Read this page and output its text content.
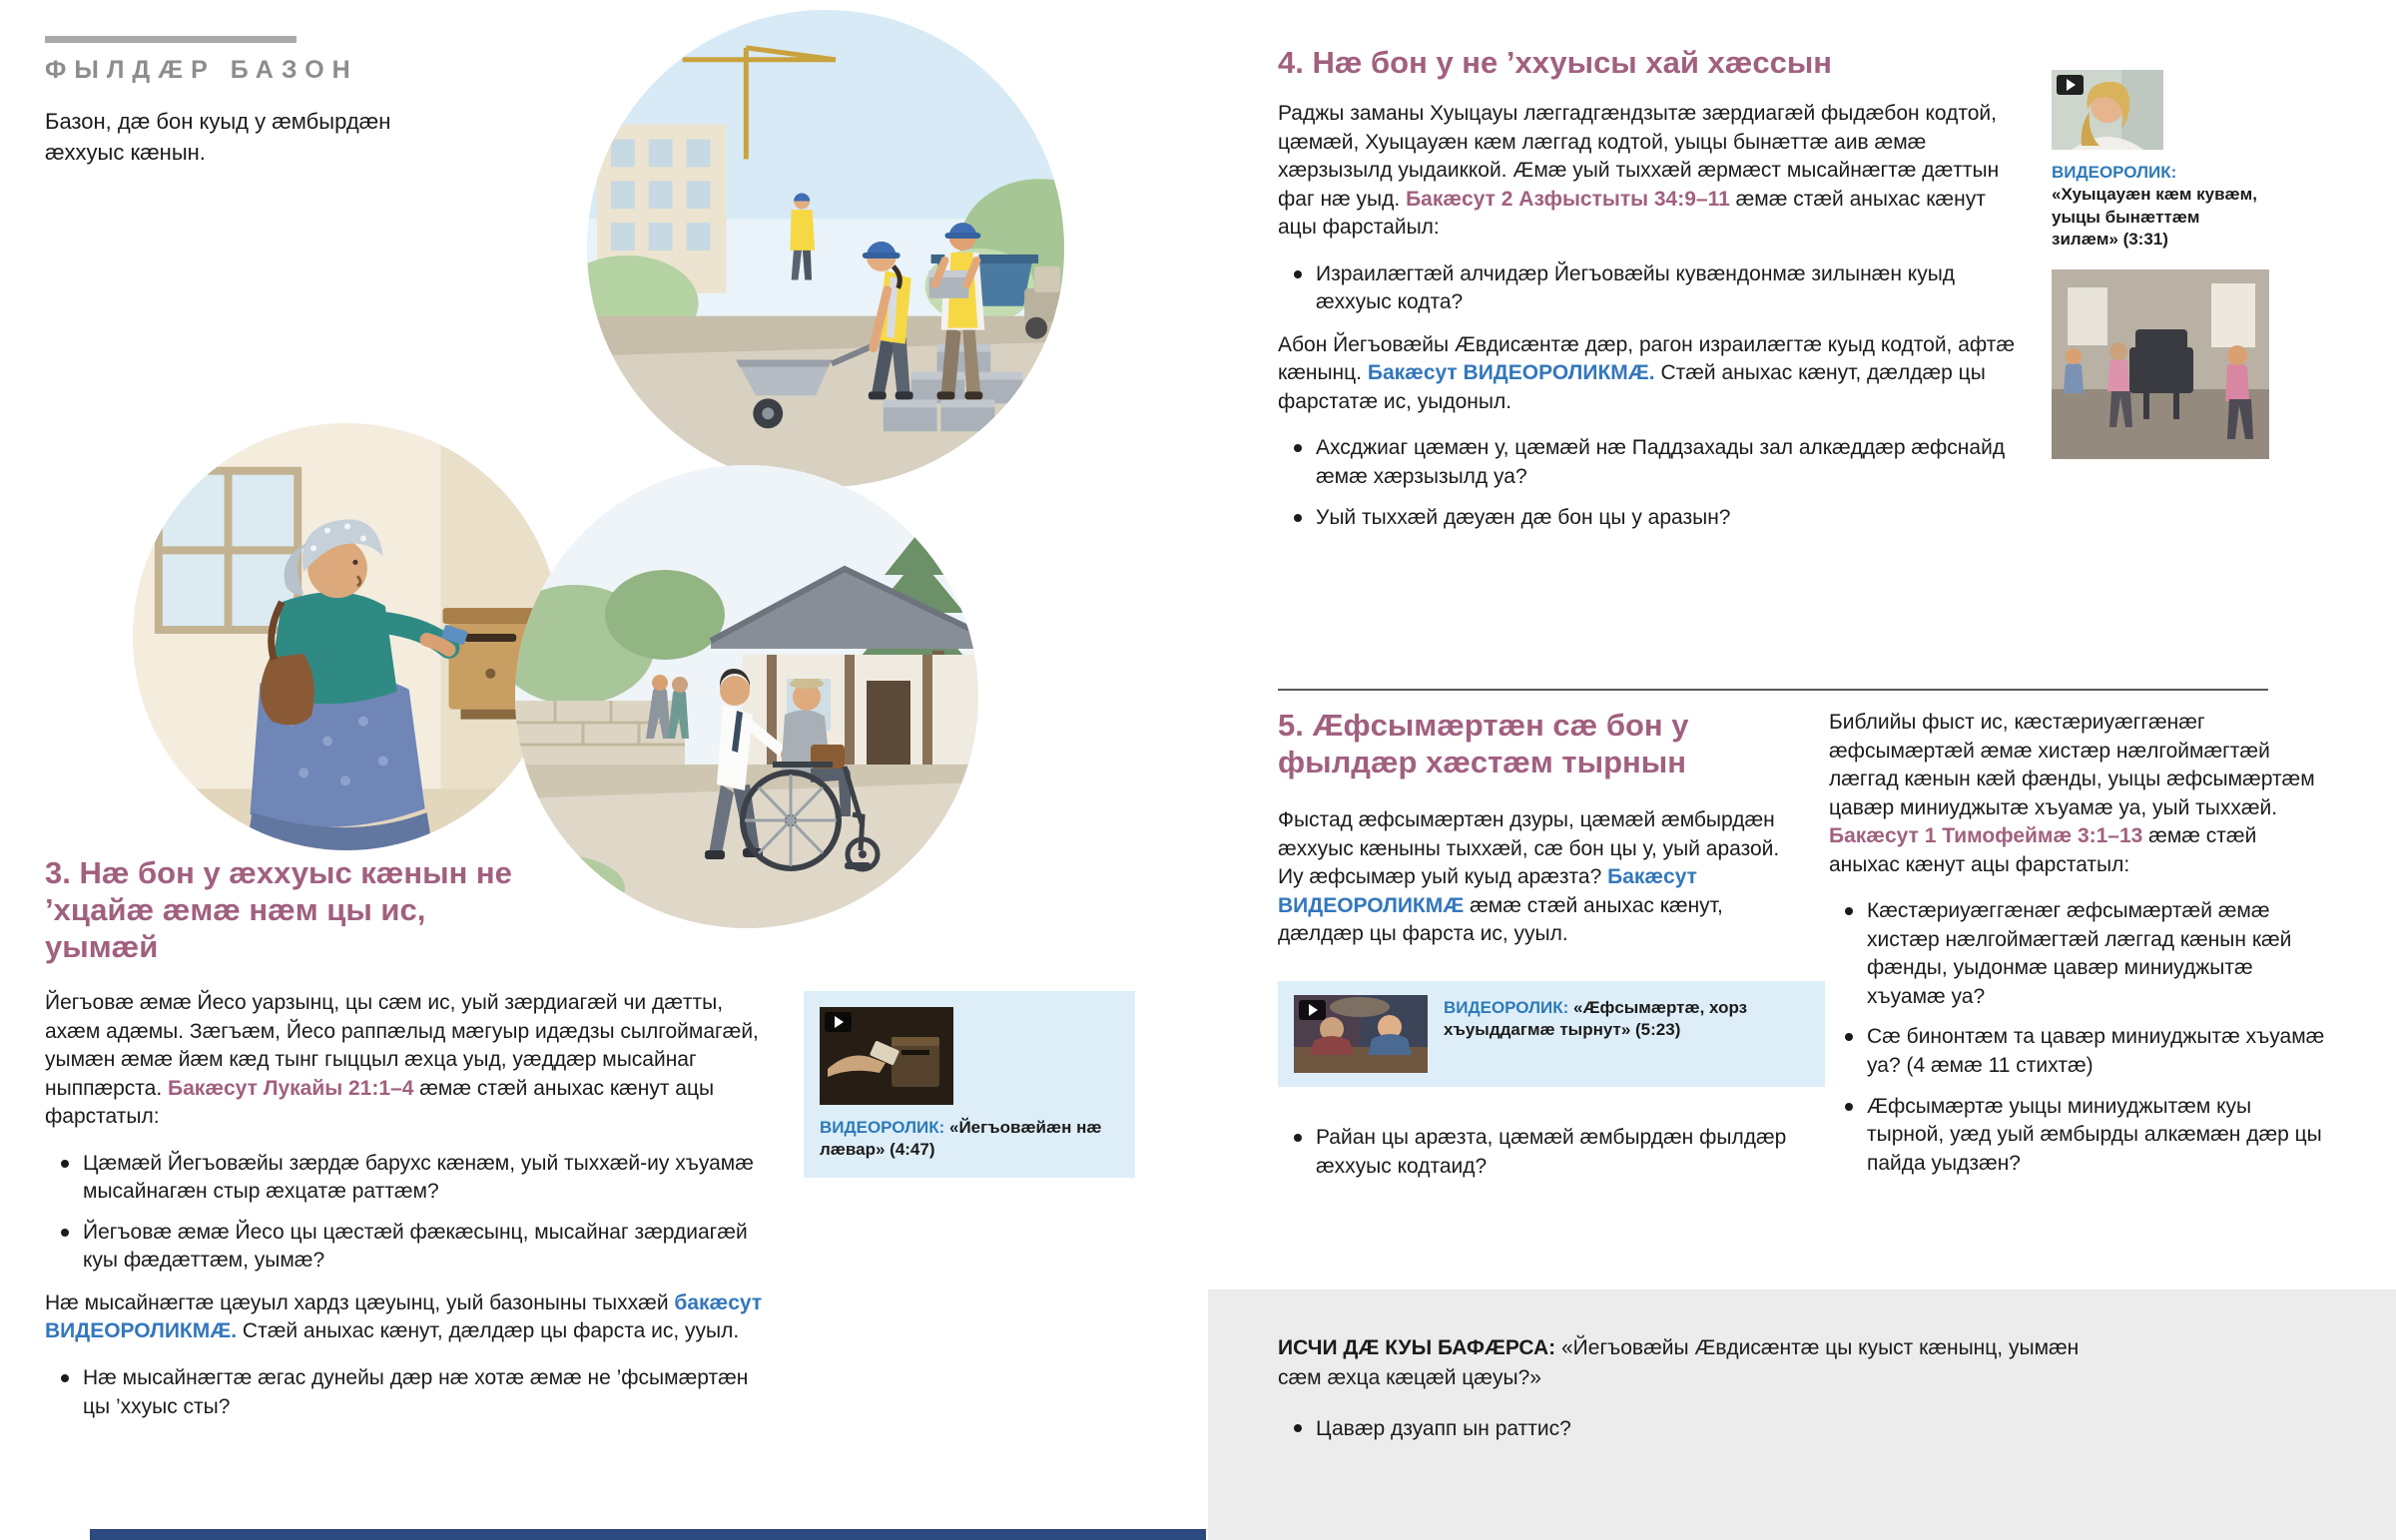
ФЫЛДÆР БАЗОН
Базон, дæ бон куыд у æмбырдæн æххуыс кæнын.
3. Нæ бон у æххуыс кæнын не ’хцайæ æмæ нæм цы ис, уымæй

Йегъовæ æмæ Йесо уарзынц, цы сæм ис, уый зæрдиагæй чи дæтты, ахæм адæмы. Зæгъæм, Йесо раппæлыд мæгуыр идæдзы сылгоймагæй, уымæн æмæ йæм кæд тынг гыццыл æхца уыд, уæддæр мысайнаг ныппæрста. Бакæсут Лукайы 21:1–4 æмæ стæй аныхас кæнут ацы фарстатыл:

Цæмæй Йегъовæйы зæрдæ барухс кæнæм, уый тыххæй-иу хъуамæ мысайнагæн стыр æхцатæ раттæм?
Йегъовæ æмæ Йесо цы цæстæй фæкæсынц, мысайнаг зæрдиагæй куы фæдæттæм, уымæ?

Нæ мысайнæгтæ цæуыл хардз цæуынц, уый базоныны тыххæй бакæсут ВИДЕОРОЛИКМÆ. Стæй аныхас кæнут, дæлдæр цы фарста ис, ууыл.

Нæ мысайнæгтæ æгас дунейы дæр нæ хотæ æмæ не ’фсымæртæн цы ’ххуыс сты?
ВИДЕОРОЛИК: «Йегъовæйæн нæ лæвар» (4:47)
4. Нæ бон у не ’ххуысы хай хæссын

Раджы заманы Хуыцауы лæггадгæндзытæ зæрдиагæй фыдæбон кодтой, цæмæй, Хуыцауæн кæм лæггад кодтой, уыцы бынæттæ аив æмæ хæрзызылд уыдаиккой. Æмæ уый тыххæй æрмæст мысайнæгтæ дæттын фаг нæ уыд. Бакæсут 2 Азфыстыты 34:9–11 æмæ стæй аныхас кæнут ацы фарстайыл:

Израилæгтæй алчидæр Йегъовæйы кувæндонмæ зилынæн куыд æххуыс кодта?

Абон Йегъовæйы Æвдисæнтæ дæр, рагон израилæгтæ куыд кодтой, афтæ кæнынц. Бакæсут ВИДЕОРОЛИКМÆ. Стæй аныхас кæнут, дæлдæр цы фарстатæ ис, уыдоныл.

Ахсджиаг цæмæн у, цæмæй нæ Паддзахады зал алкæддæр æфснайд æмæ хæрзызылд уа?
Уый тыххæй дæуæн дæ бон цы у аразын?
ВИДЕОРОЛИК: «Хуыцауæн кæм кувæм, уыцы бынæттæм зилæм» (3:31)
5. Æфсымæртæн сæ бон у фылдæр хæстæм тырнын

Фыстад æфсымæртæн дзуры, цæмæй æмбырдæн æххуыс кæныны тыххæй, сæ бон цы у, уый аразой. Иу æфсымæр уый куыд арæзта? Бакæсут ВИДЕОРОЛИКМÆ æмæ стæй аныхас кæнут, дæлдæр цы фарста ис, ууыл.

ВИДЕОРОЛИК: «Æфсымæртæ, хорз хъуыддагмæ тырнут» (5:23)
Райан цы арæзта, цæмæй æмбырдæн фылдæр æххуыс кодтаид?

Библийы фыст ис, кæстæриуæггæнæг æфсымæртæй æмæ хистæр нæлгоймæгтæй лæггад кæнын кæй фæнды, уыцы æфсымæртæм цавæр миниуджытæ хъуамæ уа, уый тыххæй. Бакæсут 1 Тимофеймæ 3:1–13 æмæ стæй аныхас кæнут ацы фарстатыл:

Кæстæриуæггæнæг æфсымæртæй æмæ хистæр нæлгоймæгтæй лæггад кæнын кæй фæнды, уыдонмæ цавæр миниуджытæ хъуамæ уа?
Сæ бинонтæм та цавæр миниуджытæ хъуамæ уа? (4 æмæ 11 стихтæ)
Æфсымæртæ уыцы миниуджытæм куы тырной, уæд уый æмбырды алкæмæн дæр цы пайда уыдзæн?

ИСЧИ ДÆ КУЫ БАФÆРСА: «Йегъовæйы Æвдисæнтæ цы куыст кæнынц, уымæн сæм æхца кæцæй цæуы?»

Цавæр дзуапп ын раттис?
